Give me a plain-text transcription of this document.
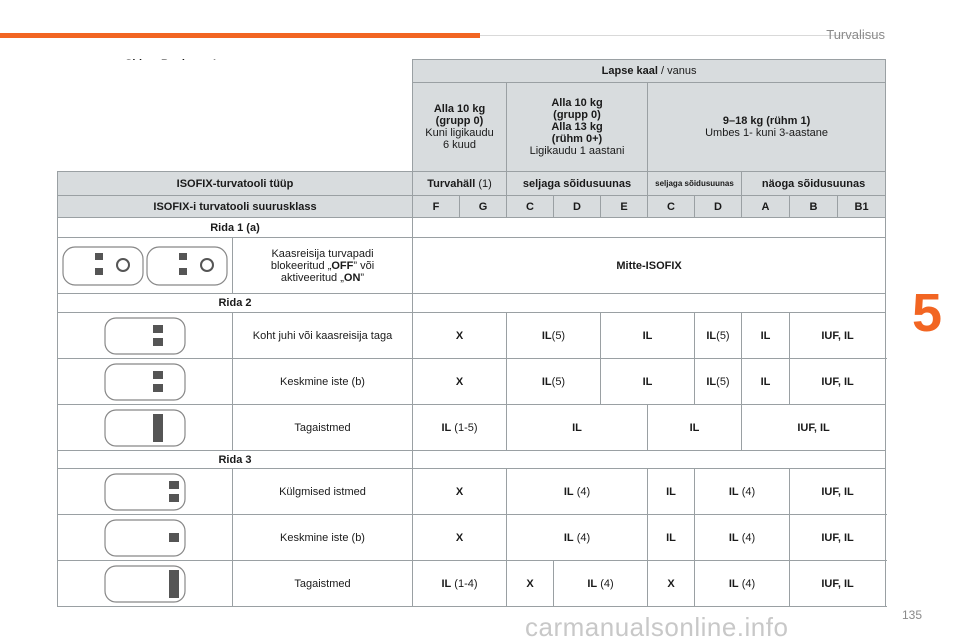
Turvalisus
5
135
carmanualsonline.info
		Lapse kaal / vanus									
		Alla 10 kg
(grupp 0)
Kuni ligikaudu
6 kuud		Alla 10 kg
(grupp 0)
Alla 13 kg
(rühm 0+)
Ligikaudu 1 aastani			9–18 kg (rühm 1)
Umbes 1- kuni 3-aastane				
ISOFIX-turvatooli tüüp		Turvahäll (1)		seljaga sõidusuunas			seljaga sõidusuunas		näoga sõidusuunas		
ISOFIX-i turvatooli suurusklass		F	G	C	D	E	C	D	A	B	B1
Rida 1 (a)											
	Kaasreisija turvapadi
blokeeritud „OFF” või
aktiveeritud „ON”	Mitte-ISOFIX									
Rida 2											
	Koht juhi või kaasreisija taga	X		IL(5)		IL		IL(5)	IL	IUF, IL	
	Keskmine iste (b)	X		IL(5)		IL		IL(5)	IL	IUF, IL	
	Tagaistmed	IL (1-5)		IL			IL		IUF, IL		
Rida 3											
	Külgmised istmed	X		IL (4)			IL	IL (4)		IUF, IL	
	Keskmine iste (b)	X		IL (4)			IL	IL (4)		IUF, IL	
	Tagaistmed	IL (1-4)		X	IL (4)		X	IL (4)		IUF, IL	
